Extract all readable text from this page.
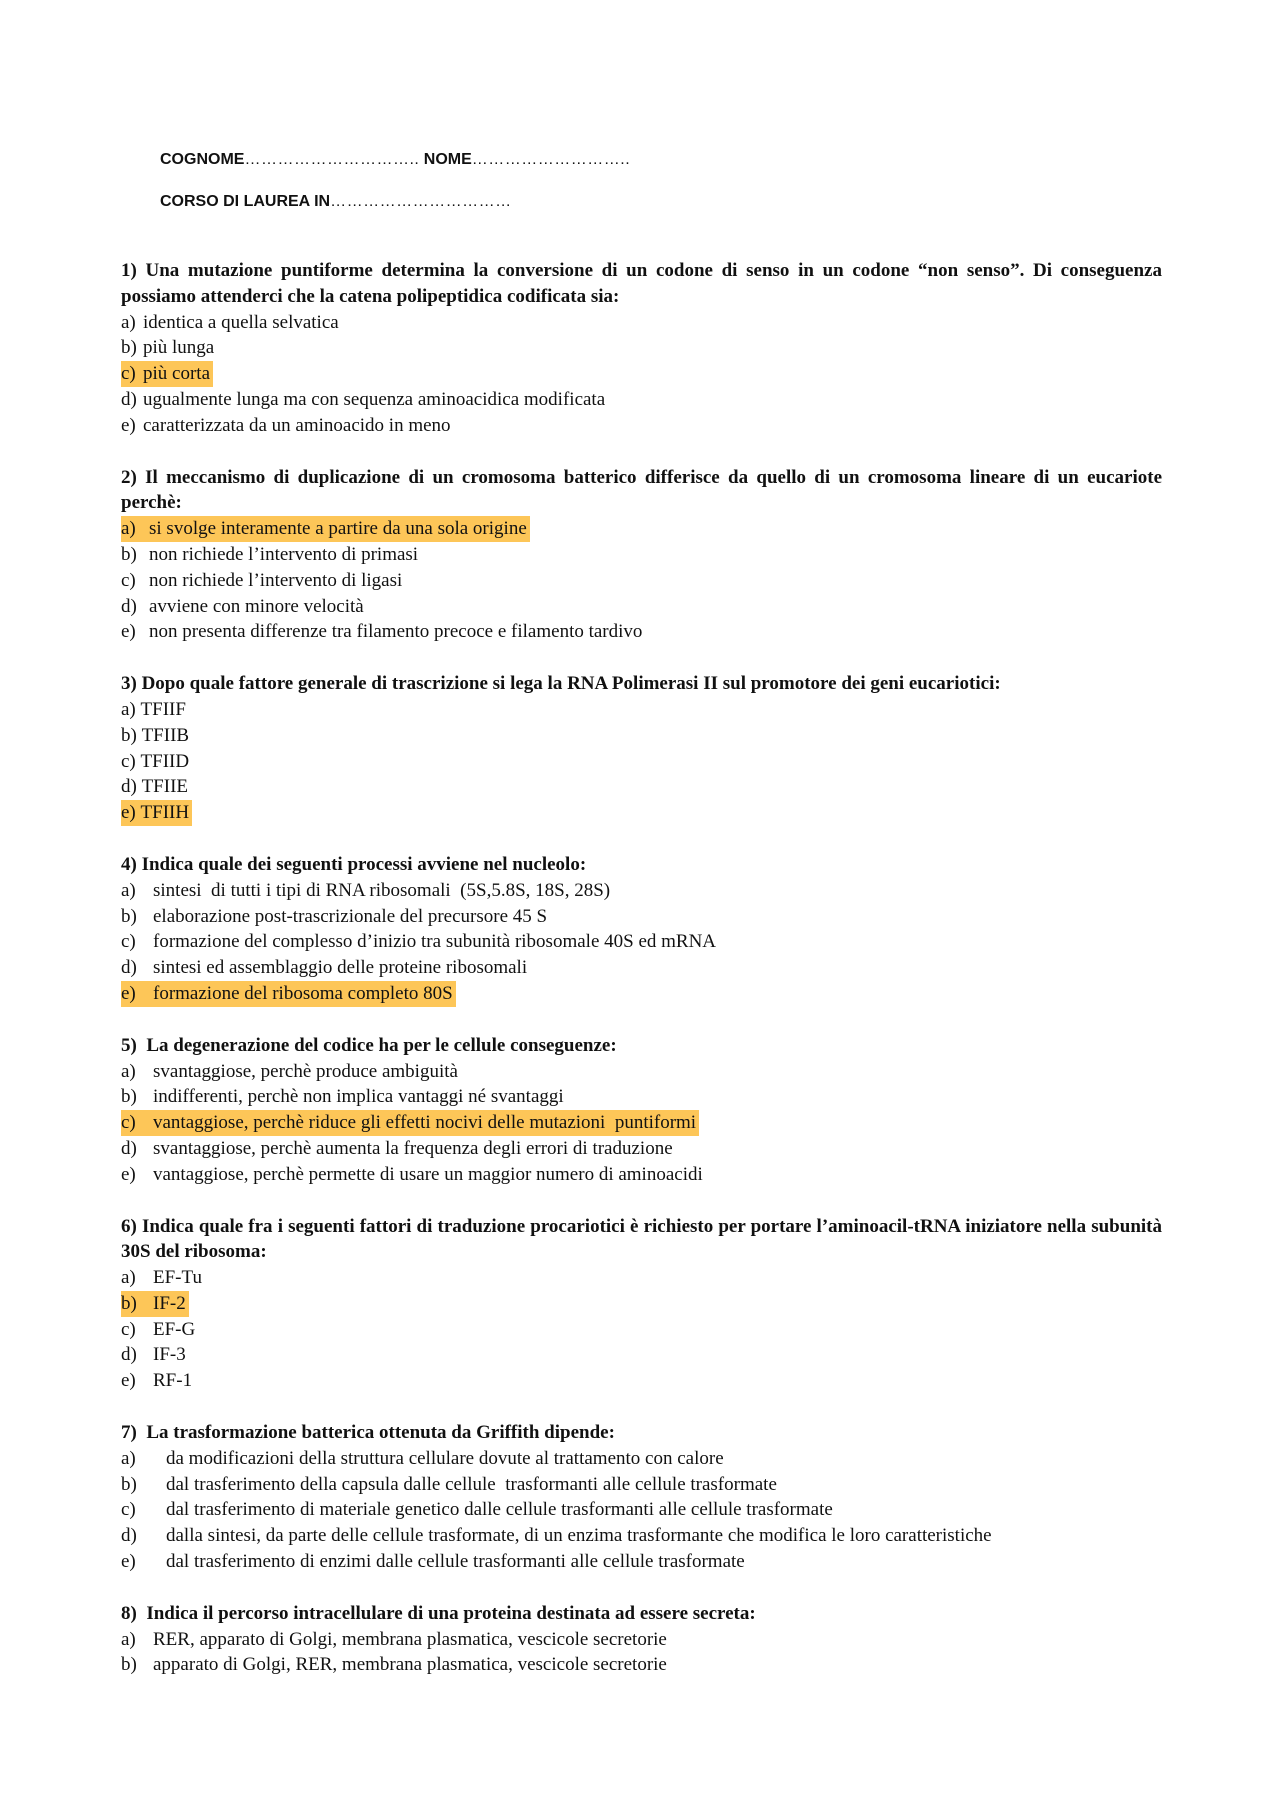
COGNOME………………………….. NOME………………………..
CORSO DI LAUREA IN……………………………
1) Una mutazione puntiforme determina la conversione di un codone di senso in un codone “non senso”. Di conseguenza possiamo attenderci che la catena polipeptidica codificata sia:
a) identica a quella selvatica
b) più lunga
c) più corta
d) ugualmente lunga ma con sequenza aminoacidica modificata
e) caratterizzata da un aminoacido in meno
2) Il meccanismo di duplicazione di un cromosoma batterico differisce da quello di un cromosoma lineare di un eucariote perchè:
a) si svolge interamente a partire da una sola origine
b) non richiede l’intervento di primasi
c) non richiede l’intervento di ligasi
d) avviene con minore velocità
e) non presenta differenze tra filamento precoce e filamento tardivo
3) Dopo quale fattore generale di trascrizione si lega la RNA Polimerasi II sul promotore dei geni eucariotici:
a)
TFIIF
b)
TFIIB
c)
TFIID
d)
TFIIE
e)
TFIIH
4) Indica quale dei seguenti processi avviene nel nucleolo:
a) sintesi  di tutti i tipi di RNA ribosomali  (5S,5.8S, 18S, 28S)
b) elaborazione post-trascrizionale del precursore 45 S
c) formazione del complesso d’inizio tra subunità ribosomale 40S ed mRNA
d) sintesi ed assemblaggio delle proteine ribosomali
e) formazione del ribosoma completo 80S
5)  La degenerazione del codice ha per le cellule conseguenze:
a) svantaggiose, perchè produce ambiguità
b) indifferenti, perchè non implica vantaggi né svantaggi
c) vantaggiose, perchè riduce gli effetti nocivi delle mutazioni  puntiformi
d) svantaggiose, perchè aumenta la frequenza degli errori di traduzione
e) vantaggiose, perchè permette di usare un maggior numero di aminoacidi
6) Indica quale fra i seguenti fattori di traduzione procariotici è richiesto per portare l’aminoacil-tRNA iniziatore nella subunità 30S del ribosoma:
a) EF-Tu
b) IF-2
c) EF-G
d) IF-3
e) RF-1
7)  La trasformazione batterica ottenuta da Griffith dipende:
a)	da modificazioni della struttura cellulare dovute al trattamento con calore
b)	dal trasferimento della capsula dalle cellule  trasformanti alle cellule trasformate
c)	dal trasferimento di materiale genetico dalle cellule trasformanti alle cellule trasformate
d)	dalla sintesi, da parte delle cellule trasformate, di un enzima trasformante che modifica le loro caratteristiche
e)	dal trasferimento di enzimi dalle cellule trasformanti alle cellule trasformate
8)  Indica il percorso intracellulare di una proteina destinata ad essere secreta:
a) RER, apparato di Golgi, membrana plasmatica, vescicole secretorie
b) apparato di Golgi, RER, membrana plasmatica, vescicole secretorie
